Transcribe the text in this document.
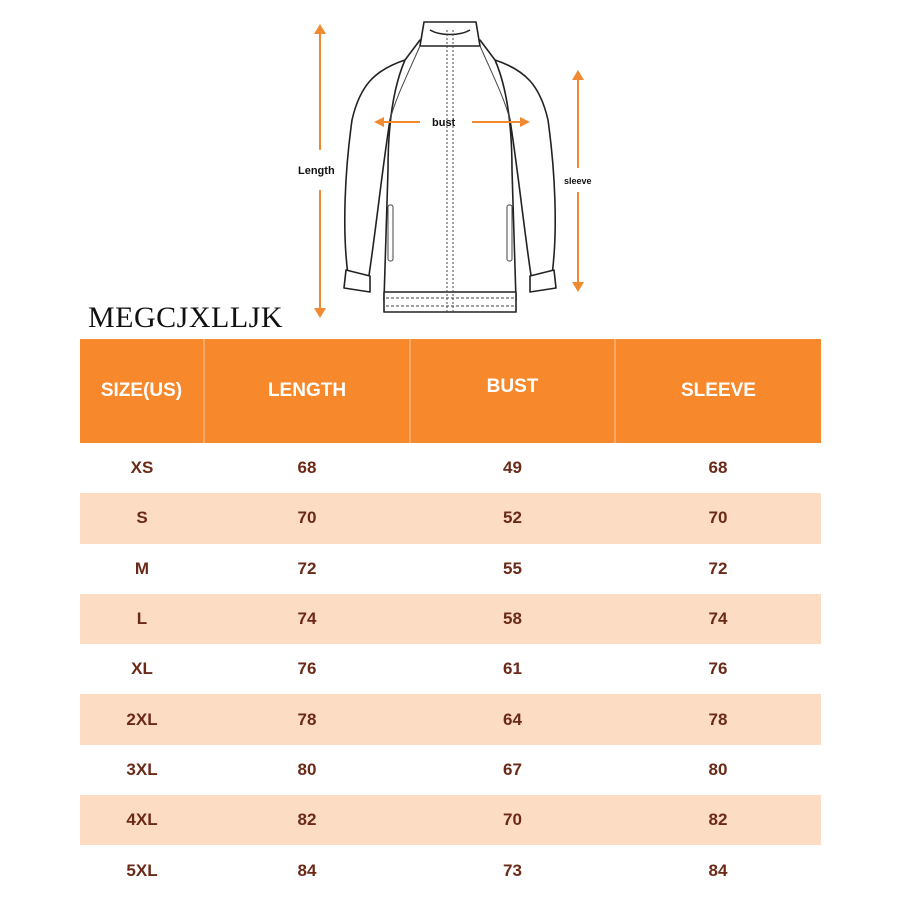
Length
bust
sleeve
MEGCJXLLJK
SIZE(US)	LENGTH	BUST	SLEEVE
XS	68	49	68
S	70	52	70
M	72	55	72
L	74	58	74
XL	76	61	76
2XL	78	64	78
3XL	80	67	80
4XL	82	70	82
5XL	84	73	84
